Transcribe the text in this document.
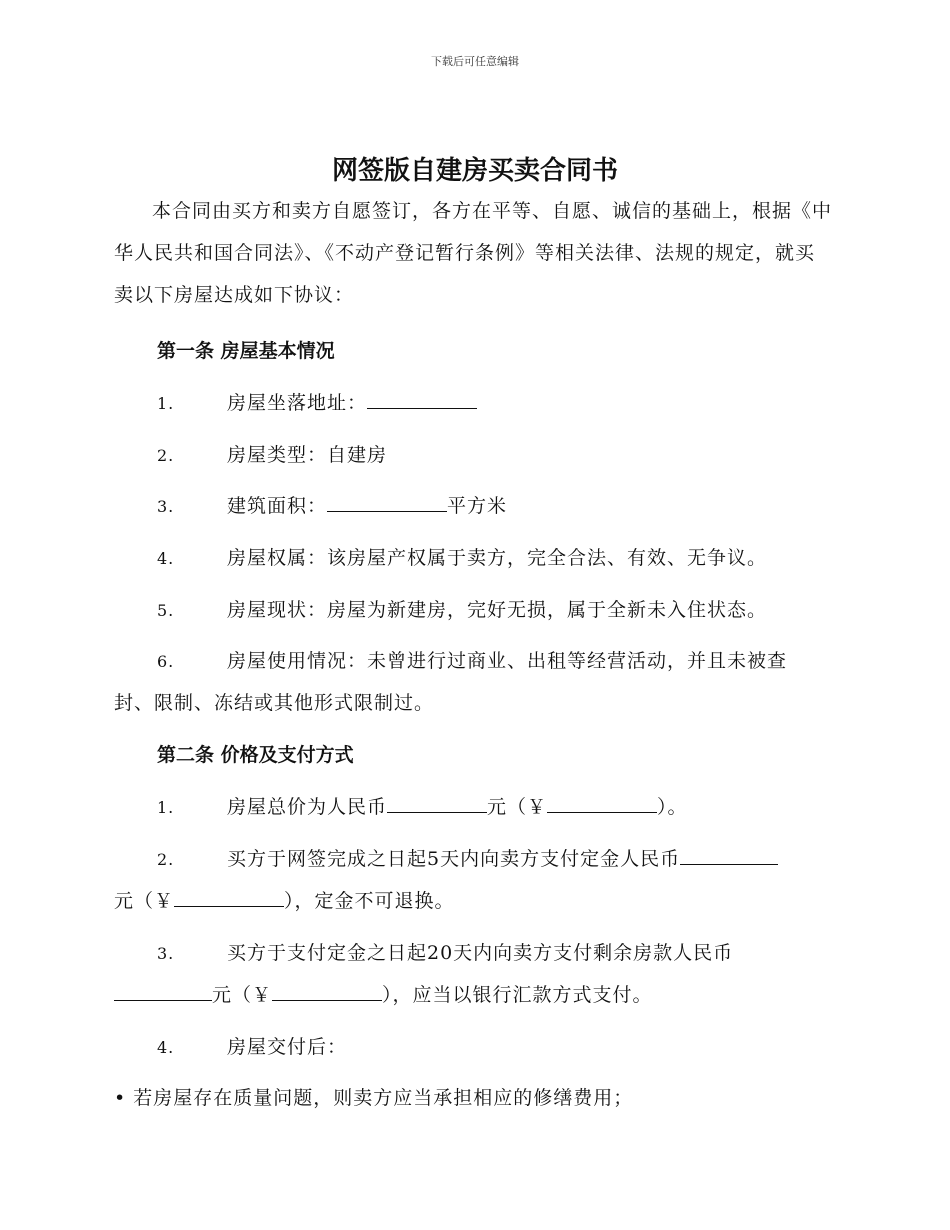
下载后可任意编辑
网签版自建房买卖合同书
本合同由买方和卖方自愿签订，各方在平等、自愿、诚信的基础上，根据《中华人民共和国合同法》、《不动产登记暂行条例》等相关法律、法规的规定，就买卖以下房屋达成如下协议：
第一条 房屋基本情况
1.	房屋坐落地址：
2.	房屋类型：自建房
3.	建筑面积：	平方米
4.	房屋权属：该房屋产权属于卖方，完全合法、有效、无争议。
5.	房屋现状：房屋为新建房，完好无损，属于全新未入住状态。
6.	房屋使用情况：未曾进行过商业、出租等经营活动，并且未被查
封、限制、冻结或其他形式限制过。
第二条 价格及支付方式
1.	房屋总价为人民币	元（￥	）。
2.	买方于网签完成之日起5天内向卖方支付定金人民币
元（￥	），定金不可退换。
3.	买方于支付定金之日起20天内向卖方支付剩余房款人民币
元（￥	），应当以银行汇款方式支付。
4.	房屋交付后：
• 若房屋存在质量问题，则卖方应当承担相应的修缮费用；
